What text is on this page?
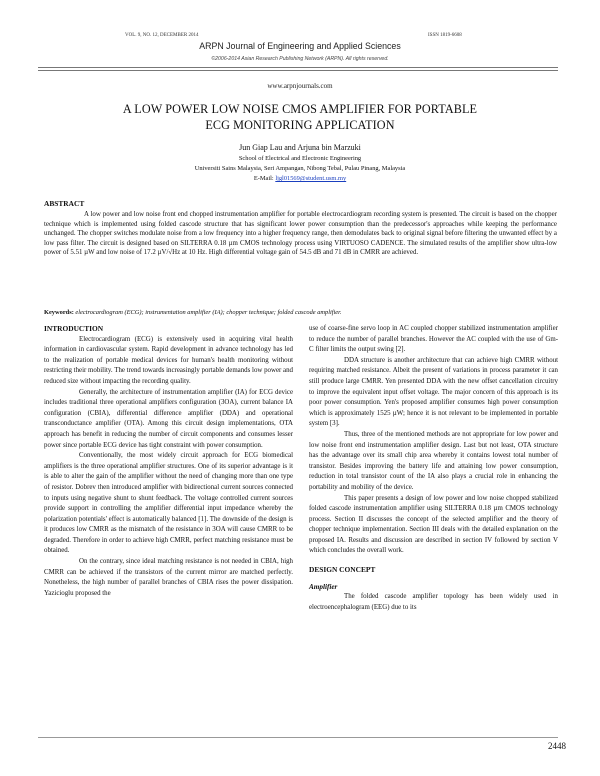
VOL. 9, NO. 12, DECEMBER 2014	ISSN 1819-6608
ARPN Journal of Engineering and Applied Sciences
©2006-2014 Asian Research Publishing Network (ARPN). All rights reserved.
www.arpnjournals.com
A LOW POWER LOW NOISE CMOS AMPLIFIER FOR PORTABLE
ECG MONITORING APPLICATION
Jun Giap Lau and Arjuna bin Marzuki
School of Electrical and Electronic Engineering
Universiti Sains Malaysia, Seri Ampangan, Nibong Tebal, Pulau Pinang, Malaysia
E-Mail: ljgl01569@student.usm.my
ABSTRACT
A low power and low noise front end chopped instrumentation amplifier for portable electrocardiogram recording system is presented. The circuit is based on the chopper technique which is implemented using folded cascode structure that has significant lower power consumption than the predecessor's approaches while keeping the performance unchanged. The chopper switches modulate noise from a low frequency into a higher frequency range, then demodulates back to original signal before filtering the unwanted effect by a low pass filter. The circuit is designed based on SILTERRA 0.18 µm CMOS technology process using VIRTUOSO CADENCE. The simulated results of the amplifier show ultra-low power of 5.51 µW and low noise of 17.2 µV/√Hz at 10 Hz. High differential voltage gain of 54.5 dB and 71 dB in CMRR are achieved.
Keywords: electrocardiogram (ECG); instrumentation amplifier (IA); chopper technique; folded cascode amplifier.

INTRODUCTION

Electrocardiogram (ECG) is extensively used in acquiring vital health information in cardiovascular system. Rapid development in advance technology has led to the realization of portable medical devices for human's health monitoring without restricting their mobility. The trend towards increasingly portable demands low power and reduced size without impacting the recording quality.

Generally, the architecture of instrumentation amplifier (IA) for ECG device includes traditional three operational amplifiers configuration (3OA), current balance IA configuration (CBIA), differential difference amplifier (DDA) and operational transconductance amplifier (OTA). Among this circuit design implementations, OTA approach has benefit in reducing the number of circuit components and consumes lesser power since portable ECG device has tight constraint with power consumption.

Conventionally, the most widely circuit approach for ECG biomedical amplifiers is the three operational amplifier structures. One of its superior advantage is it is able to alter the gain of the amplifier without the need of changing more than one type of resistor. Dobrev then introduced amplifier with bidirectional current sources connected to inputs using negative shunt to shunt feedback. The voltage controlled current sources provide support in controlling the amplifier differential input impedance whereby the polarization potentials' effect is automatically balanced [1]. The downside of the design is it produces low CMRR as the mismatch of the resistance in 3OA will cause CMRR to be degraded. Therefore in order to achieve high CMRR, perfect matching resistance must be obtained.

On the contrary, since ideal matching resistance is not needed in CBIA, high CMRR can be achieved if the transistors of the current mirror are matched perfectly. Nonetheless, the high number of parallel branches of CBIA rises the power dissipation. Yazicioglu proposed the

use of coarse-fine servo loop in AC coupled chopper stabilized instrumentation amplifier to reduce the number of parallel branches. However the AC coupled with the use of Gm-C filter limits the output swing [2].

DDA structure is another architecture that can achieve high CMRR without requiring matched resistance. Albeit the present of variations in process parameter it can still produce large CMRR. Yen presented DDA with the new offset cancellation circuitry to improve the equivalent input offset voltage. The major concern of this approach is its poor power consumption. Yen's proposed amplifier consumes high power consumption which is approximately 1525 µW; hence it is not relevant to be implemented in portable system [3].

Thus, three of the mentioned methods are not appropriate for low power and low noise front end instrumentation amplifier design. Last but not least, OTA structure has the advantage over its small chip area whereby it contains lowest total number of transistor. Besides improving the battery life and attaining low power consumption, reduction in total transistor count of the IA also plays a crucial role in enhancing the portability and mobility of the device.

This paper presents a design of low power and low noise chopped stabilized folded cascode instrumentation amplifier using SILTERRA 0.18 µm CMOS technology process. Section II discusses the concept of the selected amplifier and the theory of chopper technique implementation. Section III deals with the detailed explanation on the proposed IA. Results and discussion are described in section IV followed by section V which concludes the overall work.

DESIGN CONCEPT

Amplifier

The folded cascode amplifier topology has been widely used in electroencephalogram (EEG) due to its

2448
